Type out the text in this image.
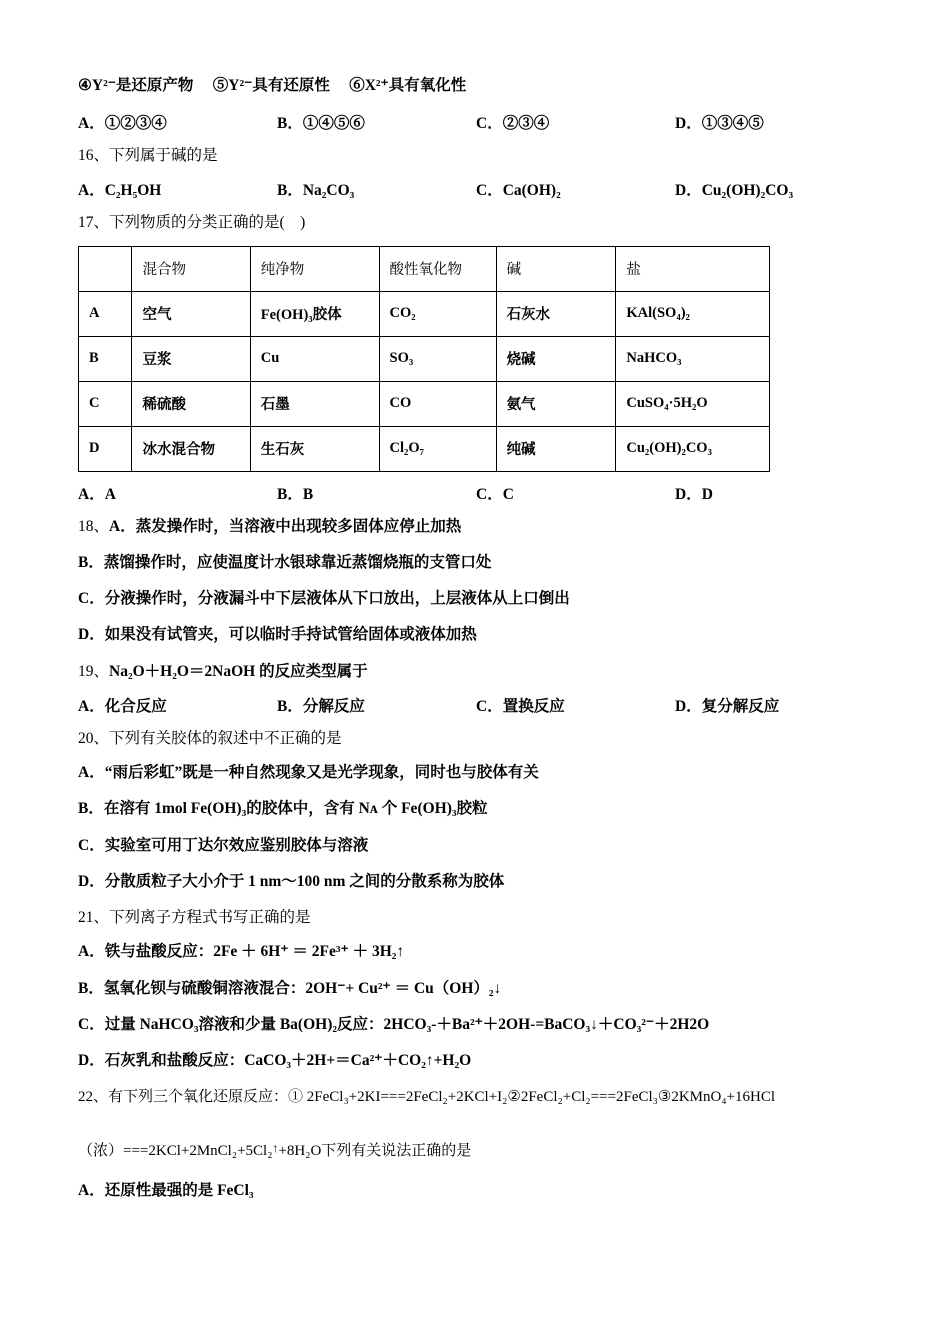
④Y²⁻是还原产物 　⑤Y²⁻具有还原性 　⑥X²⁺具有氧化性
A．①②③④	B．①④⑤⑥	C．②③④	D．①③④⑤
16、下列属于碱的是
A．C₂H₅OH	B．Na₂CO₃	C．Ca(OH)₂	D．Cu₂(OH)₂CO₃
17、下列物质的分类正确的是(　)
	混合物	纯净物	酸性氧化物	碱	盐
A	空气	Fe(OH)₃胶体	CO₂	石灰水	KAl(SO₄)₂
B	豆浆	Cu	SO₃	烧碱	NaHCO₃
C	稀硫酸	石墨	CO	氨气	CuSO₄·5H₂O
D	冰水混合物	生石灰	Cl₂O₇	纯碱	Cu₂(OH)₂CO₃
A．A	B．B	C．C	D．D
18、A．蒸发操作时，当溶液中出现较多固体应停止加热
B．蒸馏操作时，应使温度计水银球靠近蒸馏烧瓶的支管口处
C．分液操作时，分液漏斗中下层液体从下口放出，上层液体从上口倒出
D．如果没有试管夹，可以临时手持试管给固体或液体加热
19、Na₂O＋H₂O＝2NaOH 的反应类型属于
A．化合反应	B．分解反应	C．置换反应	D．复分解反应
20、下列有关胶体的叙述中不正确的是
A．“雨后彩虹”既是一种自然现象又是光学现象，同时也与胶体有关
B．在溶有 1mol Fe(OH)₃的胶体中，含有 Nᴀ 个 Fe(OH)₃胶粒
C．实验室可用丁达尔效应鉴别胶体与溶液
D．分散质粒子大小介于 1 nm～100 nm 之间的分散系称为胶体
21、下列离子方程式书写正确的是
A．铁与盐酸反应：2Fe ＋ 6H⁺ ＝ 2Fe³⁺ ＋ 3H₂↑
B．氢氧化钡与硫酸铜溶液混合：2OH⁻+ Cu²⁺ ＝ Cu（OH）₂↓
C．过量 NaHCO₃溶液和少量 Ba(OH)₂反应：2HCO₃-＋Ba²⁺＋2OH-=BaCO₃↓＋CO₃²⁻＋2H2O
D．石灰乳和盐酸反应：CaCO₃＋2H+＝Ca²⁺＋CO₂↑+H₂O
22、有下列三个氧化还原反应：① 2FeCl₃+2KI===2FeCl₂+2KCl+I₂②2FeCl₂+Cl₂===2FeCl₃③2KMnO₄+16HCl
（浓）===2KCl+2MnCl₂+5Cl₂↑+8H₂O下列有关说法正确的是
A．还原性最强的是 FeCl₃
